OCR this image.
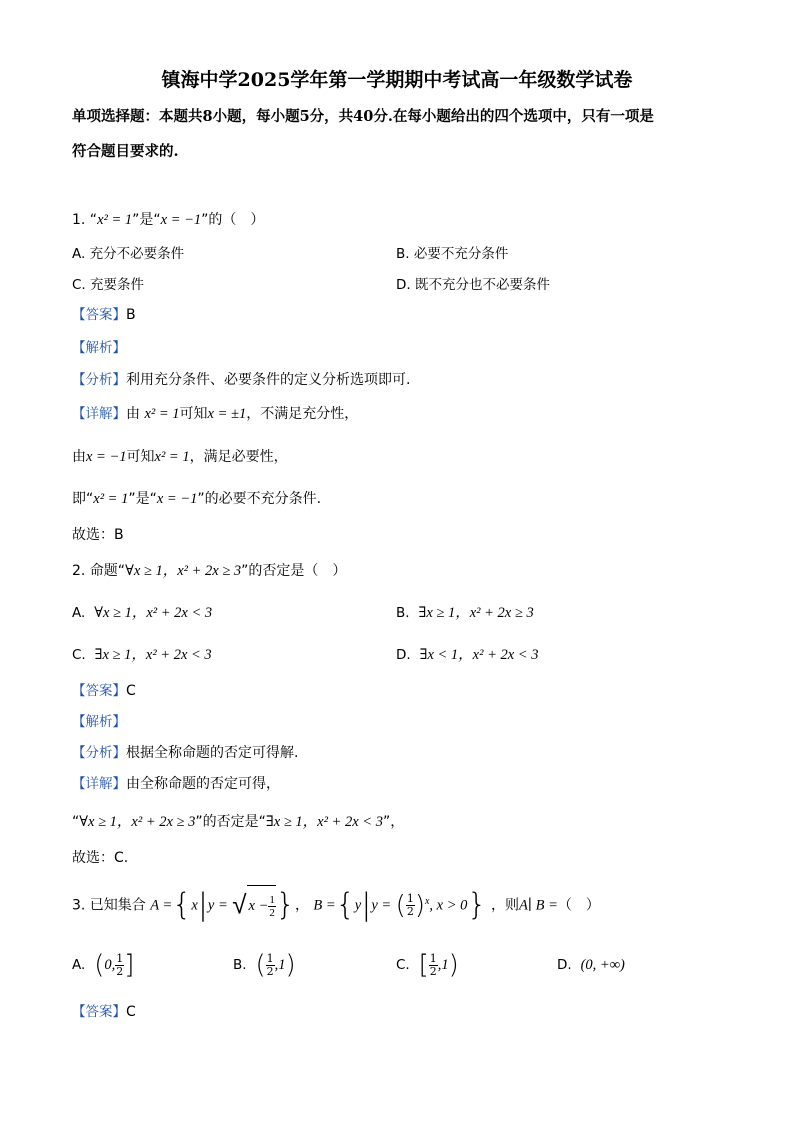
镇海中学2025学年第一学期期中考试高一年级数学试卷
单项选择题：本题共8小题，每小题5分，共40分.在每小题给出的四个选项中，只有一项是
符合题目要求的.
1. “x² = 1”是“x = −1”的（　）
A. 充分不必要条件	B. 必要不充分条件
C. 充要条件	D. 既不充分也不必要条件
【答案】B
【解析】
【分析】利用充分条件、必要条件的定义分析选项即可.
【详解】由 x² = 1可知x = ±1，不满足充分性，
由x = −1可知x² = 1，满足必要性，
即“x² = 1”是“x = −1”的必要不充分条件.
故选：B
2. 命题“∀x ≥ 1，x² + 2x ≥ 3”的否定是（　）
A. ∀x ≥ 1，x² + 2x < 3	B. ∃x ≥ 1，x² + 2x ≥ 3
C. ∃x ≥ 1，x² + 2x < 3	D. ∃x < 1，x² + 2x < 3
【答案】C
【解析】
【分析】根据全称命题的否定可得解.
【详解】由全称命题的否定可得，
“∀x ≥ 1，x² + 2x ≥ 3”的否定是“∃x ≥ 1，x² + 2x < 3”，
故选：C.
3. 已知集合 A ={x|y = √ $x - \frac{1}{2}$ }， B ={y|y = ( $\frac{1}{2} )^x$, x > 0} ，则A∣ B =（　）
A. (0, $\frac{1}{2}$ ]	B. ( $\frac{1}{2} ,1$)	C. [ $\frac{1}{2} ,1$)	D. (0, +∞)
【答案】C
